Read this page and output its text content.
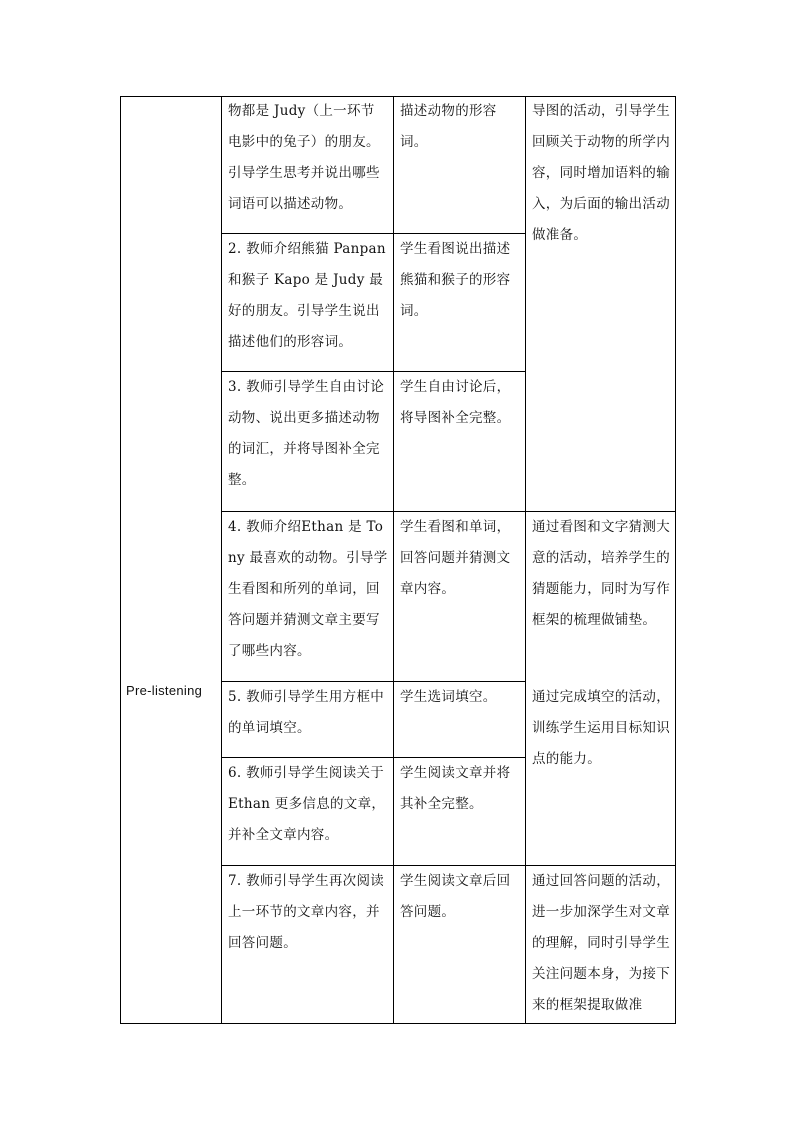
Pre-listening
物都是 Judy（上一环节电影中的兔子）的朋友。引导学生思考并说出哪些词语可以描述动物。
2. 教师介绍熊猫 Panpan 和猴子 Kapo 是 Judy 最好的朋友。引导学生说出描述他们的形容词。
3. 教师引导学生自由讨论动物、说出更多描述动物的词汇，并将导图补全完整。
4. 教师介绍Ethan 是 Tony 最喜欢的动物。引导学生看图和所列的单词，回答问题并猜测文章主要写了哪些内容。
5. 教师引导学生用方框中的单词填空。
6. 教师引导学生阅读关于 Ethan 更多信息的文章，并补全文章内容。
7. 教师引导学生再次阅读上一环节的文章内容，并回答问题。
描述动物的形容词。
学生看图说出描述熊猫和猴子的形容词。
学生自由讨论后，将导图补全完整。
学生看图和单词，回答问题并猜测文章内容。
学生选词填空。
学生阅读文章并将其补全完整。
学生阅读文章后回答问题。
导图的活动，引导学生回顾关于动物的所学内容，同时增加语料的输入，为后面的输出活动做准备。
通过看图和文字猜测大意的活动，培养学生的猜题能力，同时为写作框架的梳理做铺垫。
通过完成填空的活动，训练学生运用目标知识点的能力。
通过回答问题的活动，进一步加深学生对文章的理解，同时引导学生关注问题本身，为接下来的框架提取做准
